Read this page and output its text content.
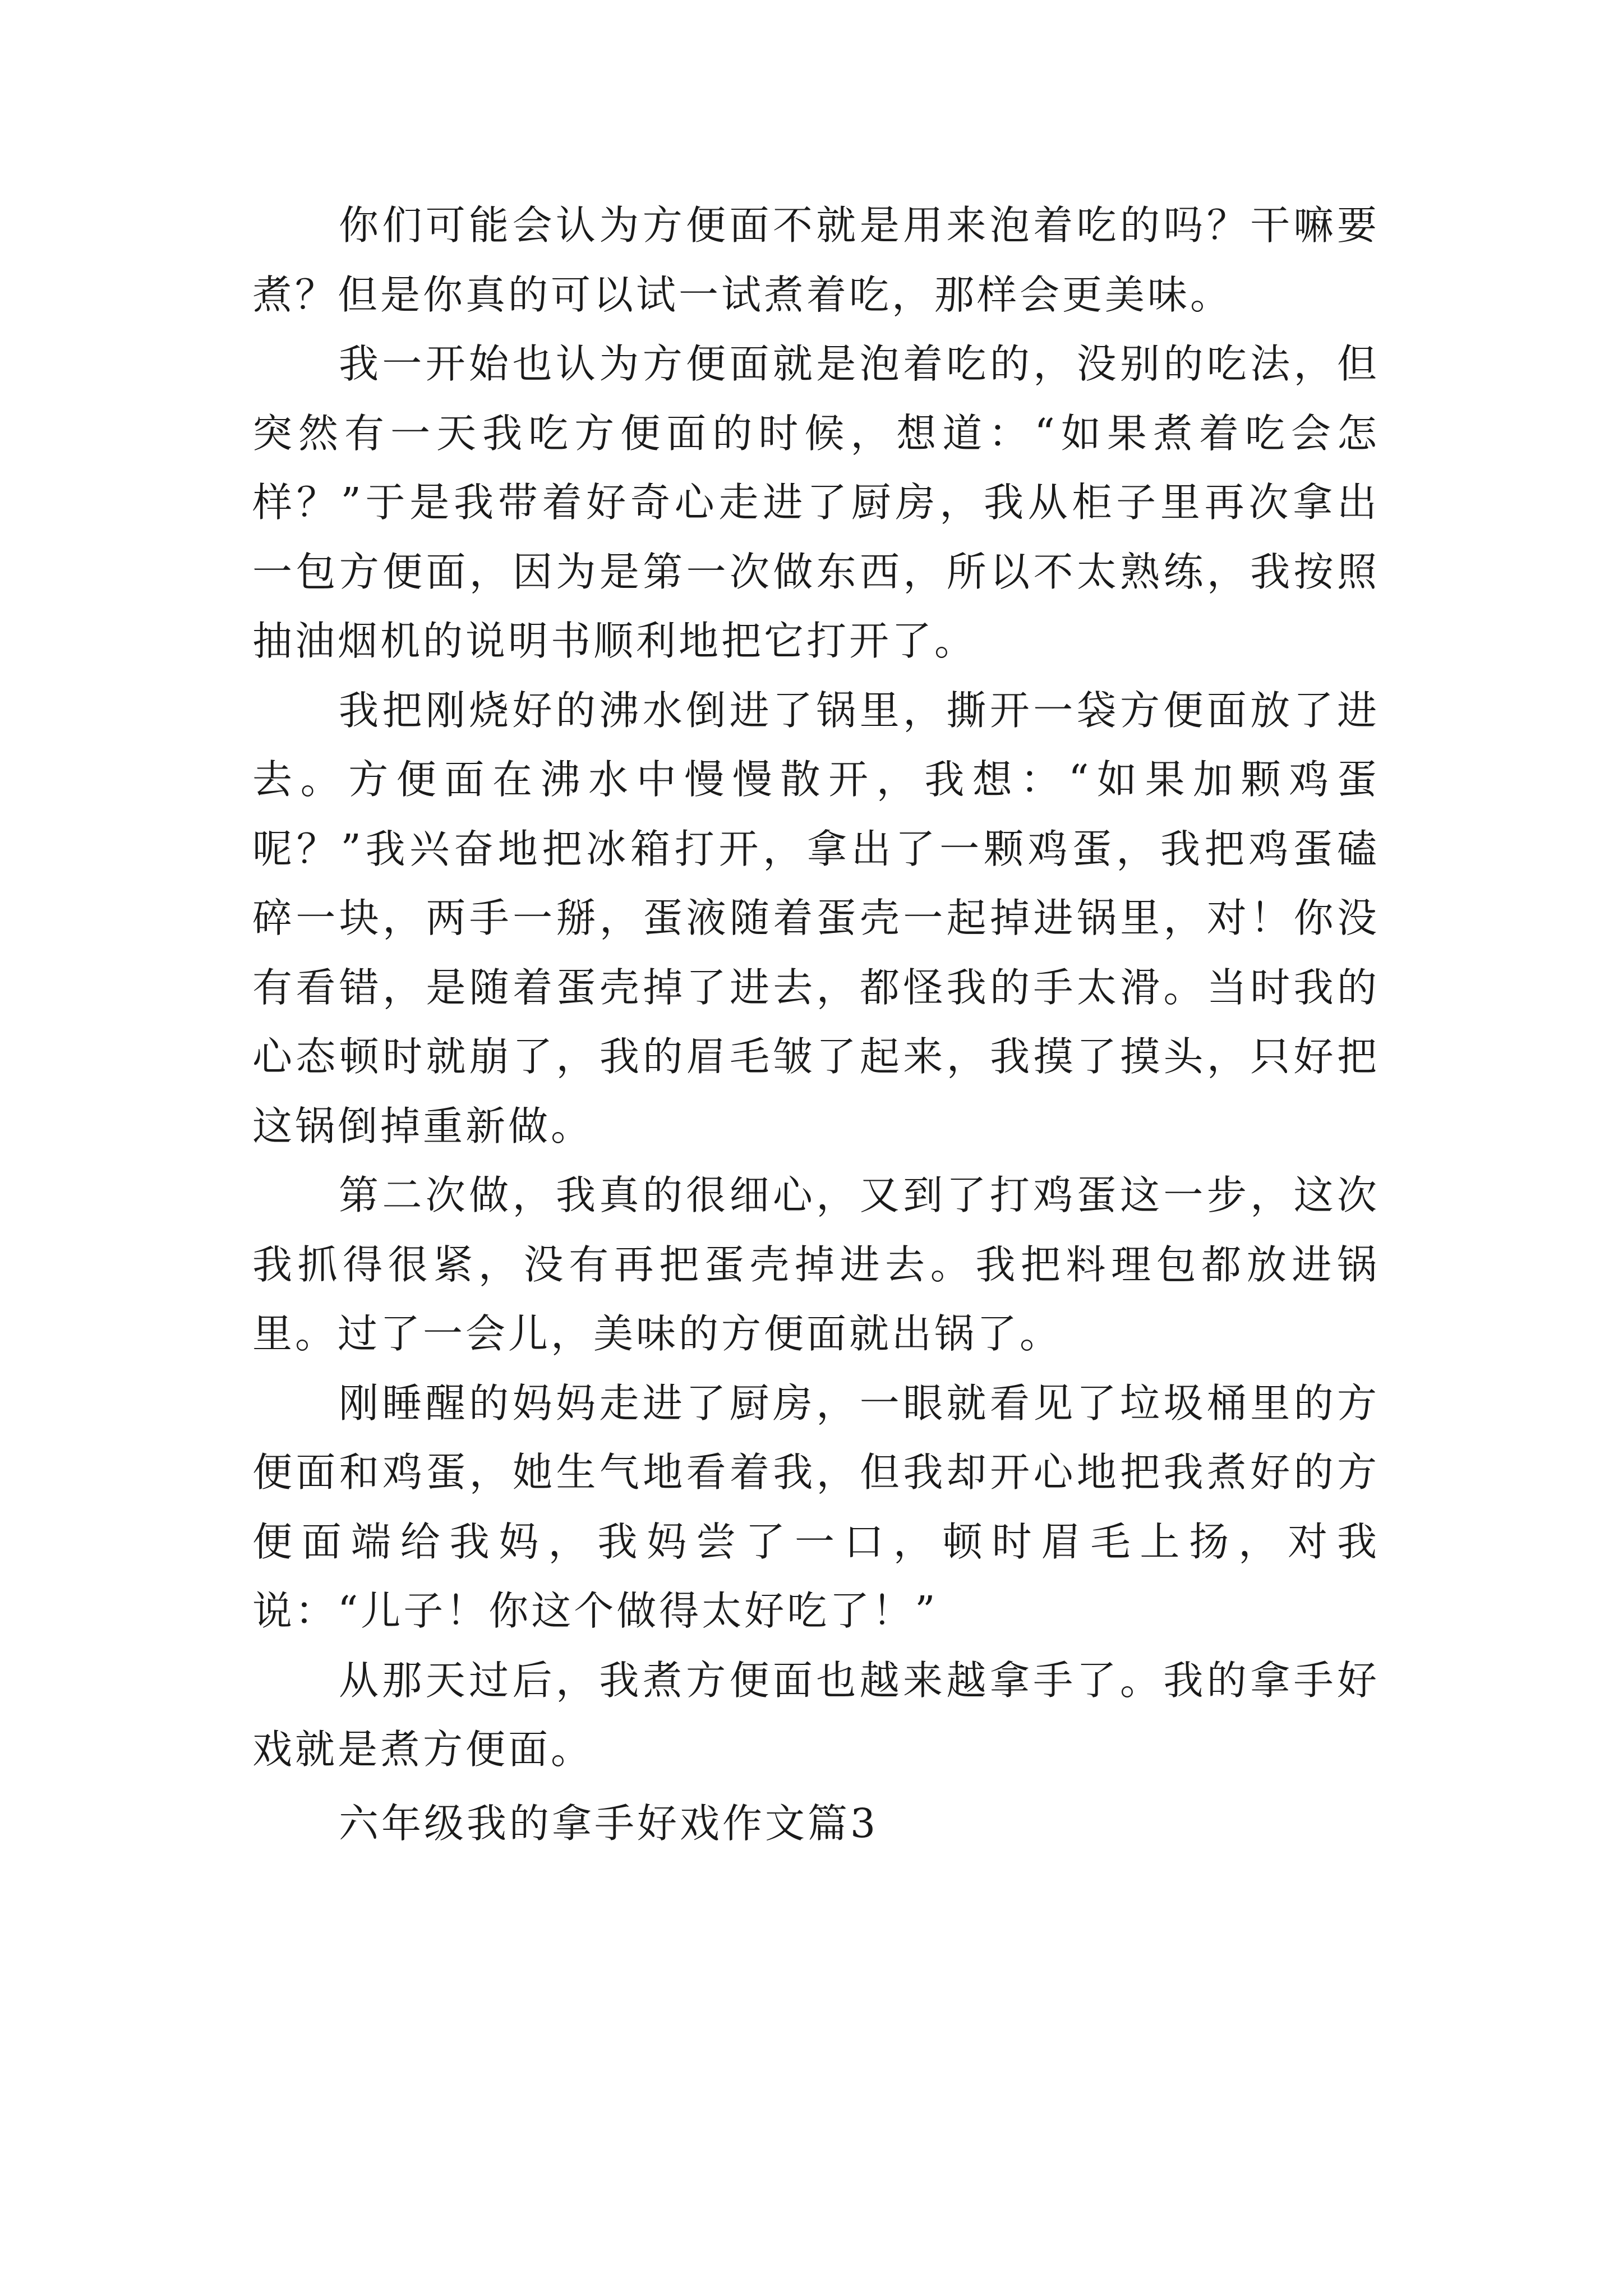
你们可能会认为方便面不就是用来泡着吃的吗？干嘛要煮？但是你真的可以试一试煮着吃，那样会更美味。

我一开始也认为方便面就是泡着吃的，没别的吃法，但突然有一天我吃方便面的时候，想道：“如果煮着吃会怎样？”于是我带着好奇心走进了厨房，我从柜子里再次拿出一包方便面，因为是第一次做东西，所以不太熟练，我按照抽油烟机的说明书顺利地把它打开了。

我把刚烧好的沸水倒进了锅里，撕开一袋方便面放了进去。方便面在沸水中慢慢散开，我想：“如果加颗鸡蛋呢？”我兴奋地把冰箱打开，拿出了一颗鸡蛋，我把鸡蛋磕碎一块，两手一掰，蛋液随着蛋壳一起掉进锅里，对！你没有看错，是随着蛋壳掉了进去，都怪我的手太滑。当时我的心态顿时就崩了，我的眉毛皱了起来，我摸了摸头，只好把这锅倒掉重新做。

第二次做，我真的很细心，又到了打鸡蛋这一步，这次我抓得很紧，没有再把蛋壳掉进去。我把料理包都放进锅里。过了一会儿，美味的方便面就出锅了。

刚睡醒的妈妈走进了厨房，一眼就看见了垃圾桶里的方便面和鸡蛋，她生气地看着我，但我却开心地把我煮好的方便面端给我妈，我妈尝了一口，顿时眉毛上扬，对我说：“儿子！你这个做得太好吃了！”

从那天过后，我煮方便面也越来越拿手了。我的拿手好戏就是煮方便面。

六年级我的拿手好戏作文篇3
